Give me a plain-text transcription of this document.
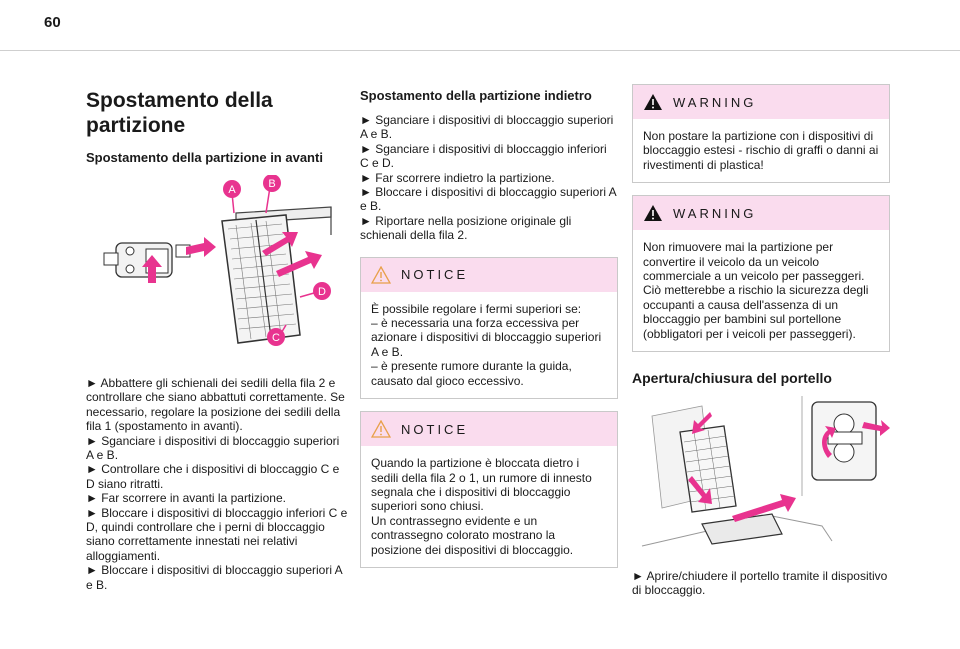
60
Spostamento della partizione
Spostamento della partizione in avanti
A	B
C
D

► Abbattere gli schienali dei sedili della fila 2 e controllare che siano abbattuti correttamente. Se necessario, regolare la posizione dei sedili della fila 1 (spostamento in avanti).

► Sganciare i dispositivi di bloccaggio superiori A e B.

► Controllare che i dispositivi di bloccaggio C e D siano ritratti.

► Far scorrere in avanti la partizione.

► Bloccare i dispositivi di bloccaggio inferiori C e D, quindi controllare che i perni di bloccaggio siano correttamente innestati nei relativi alloggiamenti.

► Bloccare i dispositivi di bloccaggio superiori A e B.

Spostamento della partizione indietro

► Sganciare i dispositivi di bloccaggio superiori A e B.

► Sganciare i dispositivi di bloccaggio inferiori C e D.

► Far scorrere indietro la partizione.

► Bloccare i dispositivi di bloccaggio superiori A e B.

► Riportare nella posizione originale gli schienali della fila 2.

NOTICE

È possibile regolare i fermi superiori se:

– è necessaria una forza eccessiva per azionare i dispositivi di bloccaggio superiori A e B.

– è presente rumore durante la guida, causato dal gioco eccessivo.

NOTICE

Quando la partizione è bloccata dietro i sedili della fila 2 o 1, un rumore di innesto segnala che i dispositivi di bloccaggio superiori sono chiusi.

Un contrassegno evidente e un contrassegno colorato mostrano la posizione dei dispositivi di bloccaggio.

WARNING

Non postare la partizione con i dispositivi di bloccaggio estesi - rischio di graffi o danni ai rivestimenti di plastica!

WARNING

Non rimuovere mai la partizione per convertire il veicolo da un veicolo commerciale a un veicolo per passeggeri. Ciò metterebbe a rischio la sicurezza degli occupanti a causa dell'assenza di un bloccaggio per bambini sul portellone (obbligatori per i veicoli per passeggeri).

Apertura/chiusura del portello

► Aprire/chiudere il portello tramite il dispositivo di bloccaggio.
